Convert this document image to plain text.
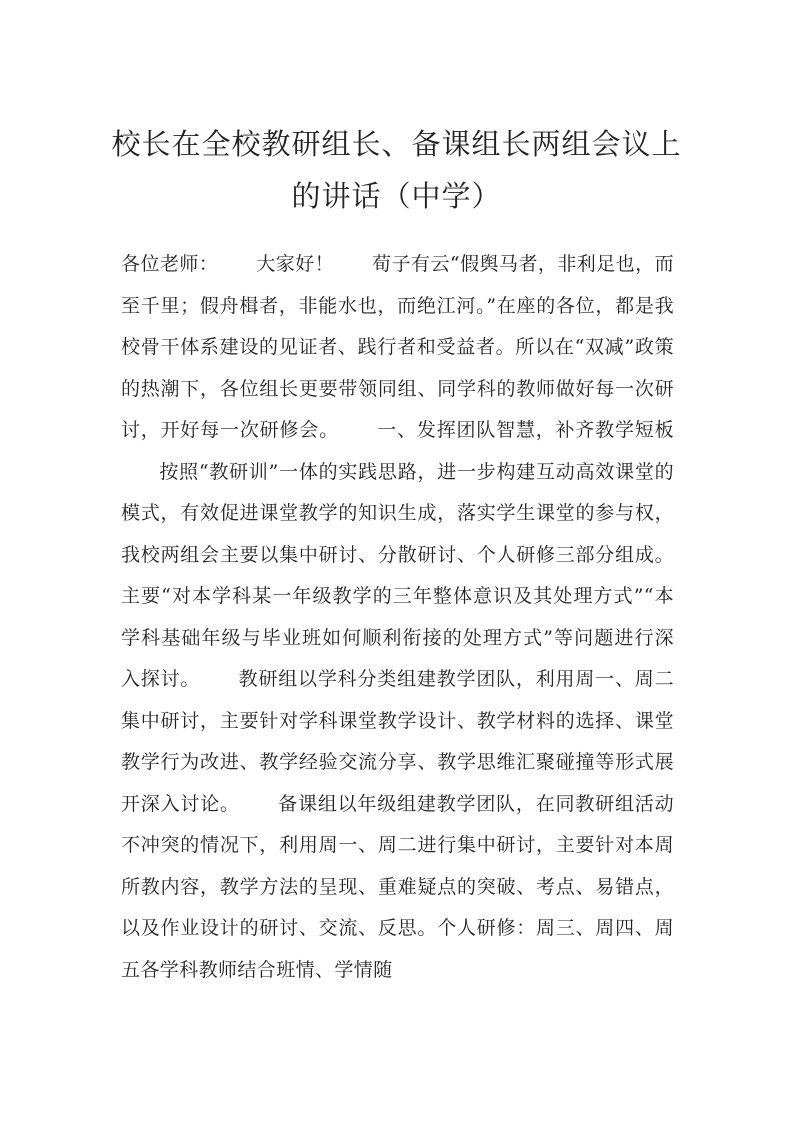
校长在全校教研组长、备课组长两组会议上
的讲话（中学）

各位老师： 大家好！ 荀子有云“假舆马者，非利足也，而至千里；假舟楫者，非能水也，而绝江河。”在座的各位，都是我校骨干体系建设的见证者、践行者和受益者。所以在“双减”政策的热潮下，各位组长更要带领同组、同学科的教师做好每一次研讨，开好每一次研修会。 一、发挥团队智慧，补齐教学短板按照“教研训”一体的实践思路，进一步构建互动高效课堂的模式，有效促进课堂教学的知识生成，落实学生课堂的参与权，我校两组会主要以集中研讨、分散研讨、个人研修三部分组成。主要“对本学科某一年级教学的三年整体意识及其处理方式”“本学科基础年级与毕业班如何顺利衔接的处理方式”等问题进行深入探讨。 教研组以学科分类组建教学团队，利用周一、周二集中研讨，主要针对学科课堂教学设计、教学材料的选择、课堂教学行为改进、教学经验交流分享、教学思维汇聚碰撞等形式展开深入讨论。 备课组以年级组建教学团队，在同教研组活动不冲突的情况下，利用周一、周二进行集中研讨，主要针对本周所教内容，教学方法的呈现、重难疑点的突破、考点、易错点，以及作业设计的研讨、交流、反思。个人研修：周三、周四、周五各学科教师结合班情、学情随
